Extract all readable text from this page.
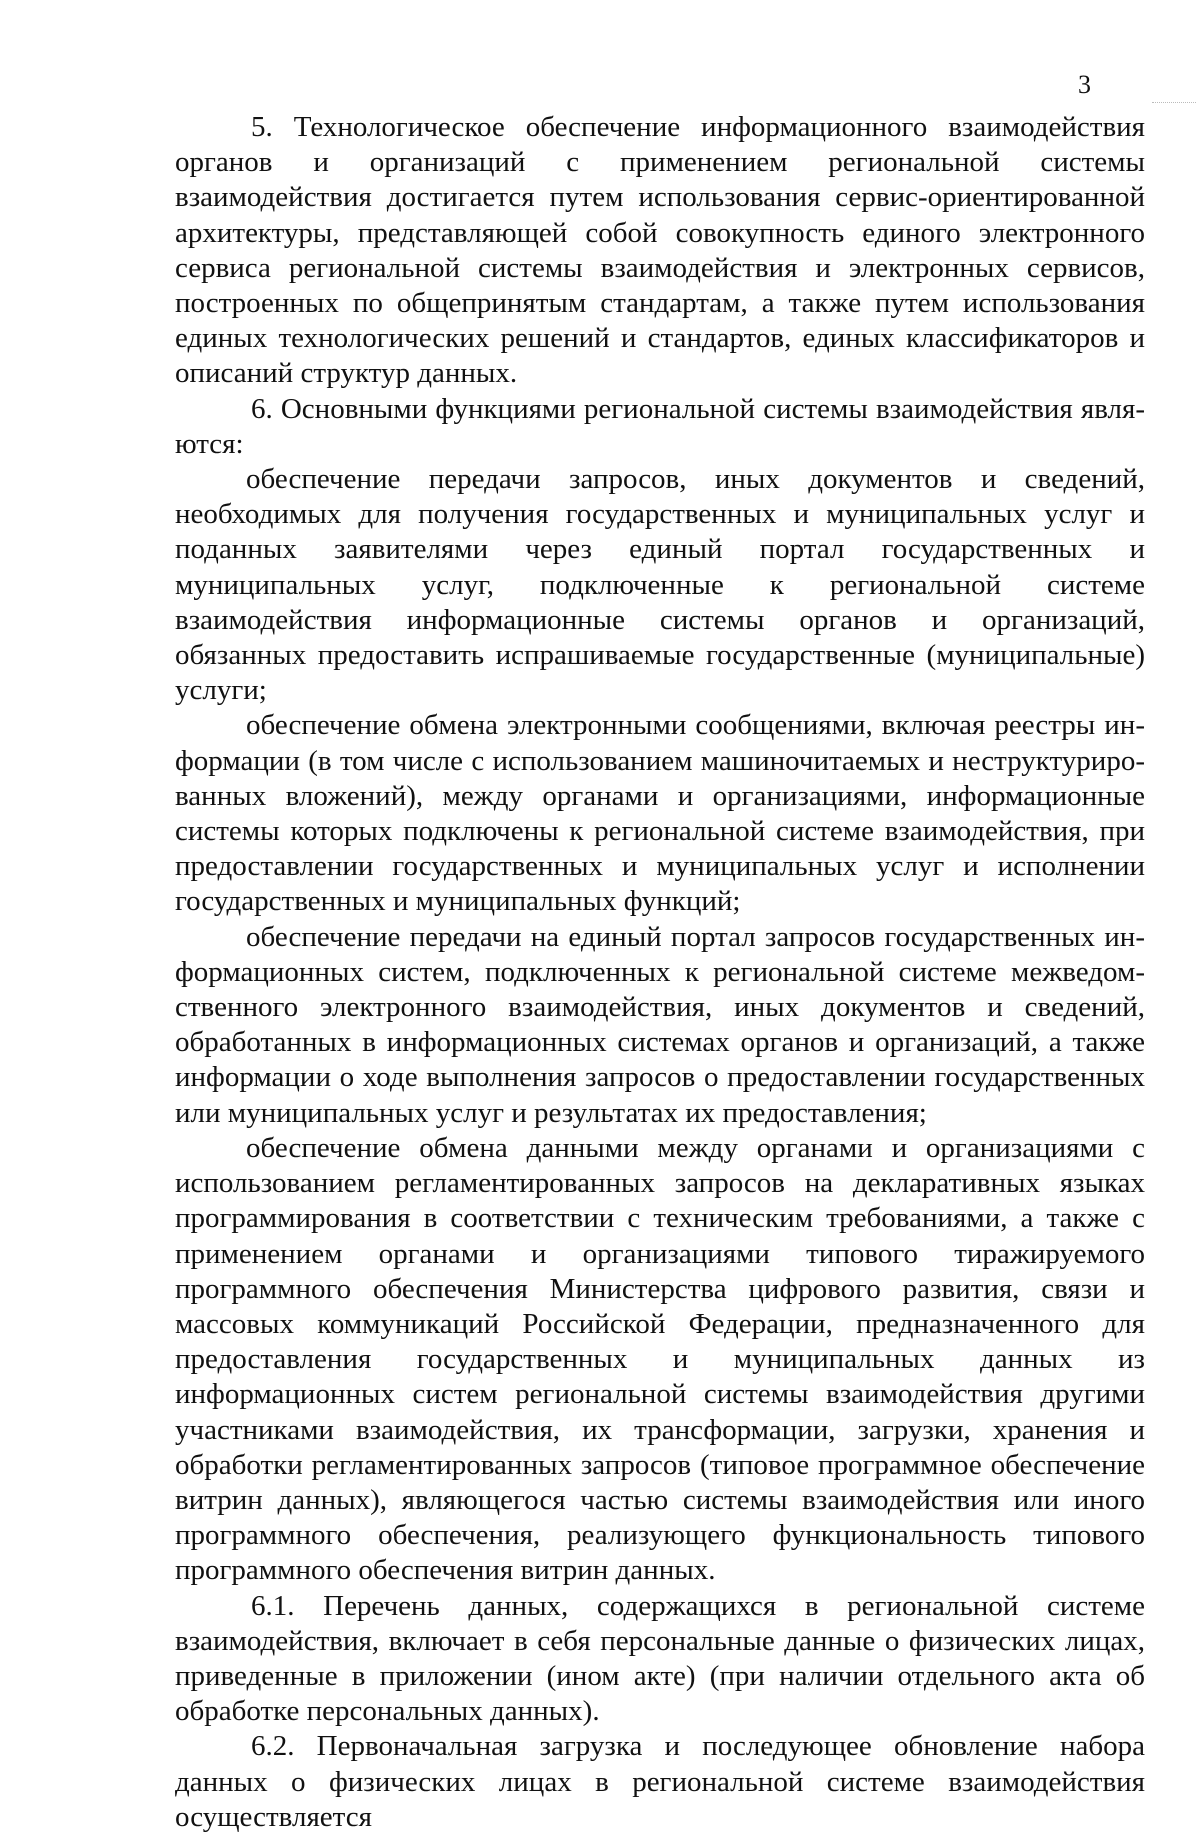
3

5. Технологическое обеспечение информационного взаимодействия органов и организаций с применением региональной системы взаимодействия достигается путем использования сервис-ориентированной архитектуры, представляющей собой совокупность единого электронного сервиса региональной системы взаимодействия и электронных сервисов, построенных по общепринятым стандартам, а также путем использования единых технологических решений и стандартов, единых классификаторов и описаний структур данных.

6. Основными функциями региональной системы взаимодействия являются:

обеспечение передачи запросов, иных документов и сведений, необходимых для получения государственных и муниципальных услуг и поданных заявителями через единый портал государственных и муниципальных услуг, подключенные к региональной системе взаимодействия информационные системы органов и организаций, обязанных предоставить испрашиваемые государственные (муниципальные) услуги;

обеспечение обмена электронными сообщениями, включая реестры информации (в том числе с использованием машиночитаемых и неструктурированных вложений), между органами и организациями, информационные системы которых подключены к региональной системе взаимодействия, при предоставлении государственных и муниципальных услуг и исполнении государственных и муниципальных функций;

обеспечение передачи на единый портал запросов государственных информационных систем, подключенных к региональной системе межведомственного электронного взаимодействия, иных документов и сведений, обработанных в информационных системах органов и организаций, а также информации о ходе выполнения запросов о предоставлении государственных или муниципальных услуг и результатах их предоставления;

обеспечение обмена данными между органами и организациями с использованием регламентированных запросов на декларативных языках программирования в соответствии с техническим требованиями, а также с применением органами и организациями типового тиражируемого программного обеспечения Министерства цифрового развития, связи и массовых коммуникаций Российской Федерации, предназначенного для предоставления государственных и муниципальных данных из информационных систем региональной системы взаимодействия другими участниками взаимодействия, их трансформации, загрузки, хранения и обработки регламентированных запросов (типовое программное обеспечение витрин данных), являющегося частью системы взаимодействия или иного программного обеспечения, реализующего функциональность типового программного обеспечения витрин данных.

6.1. Перечень данных, содержащихся в региональной системе взаимодействия, включает в себя персональные данные о физических лицах, приведенные в приложении (ином акте) (при наличии отдельного акта об обработке персональных данных).

6.2. Первоначальная загрузка и последующее обновление набора данных о физических лицах в региональной системе взаимодействия осуществляется
